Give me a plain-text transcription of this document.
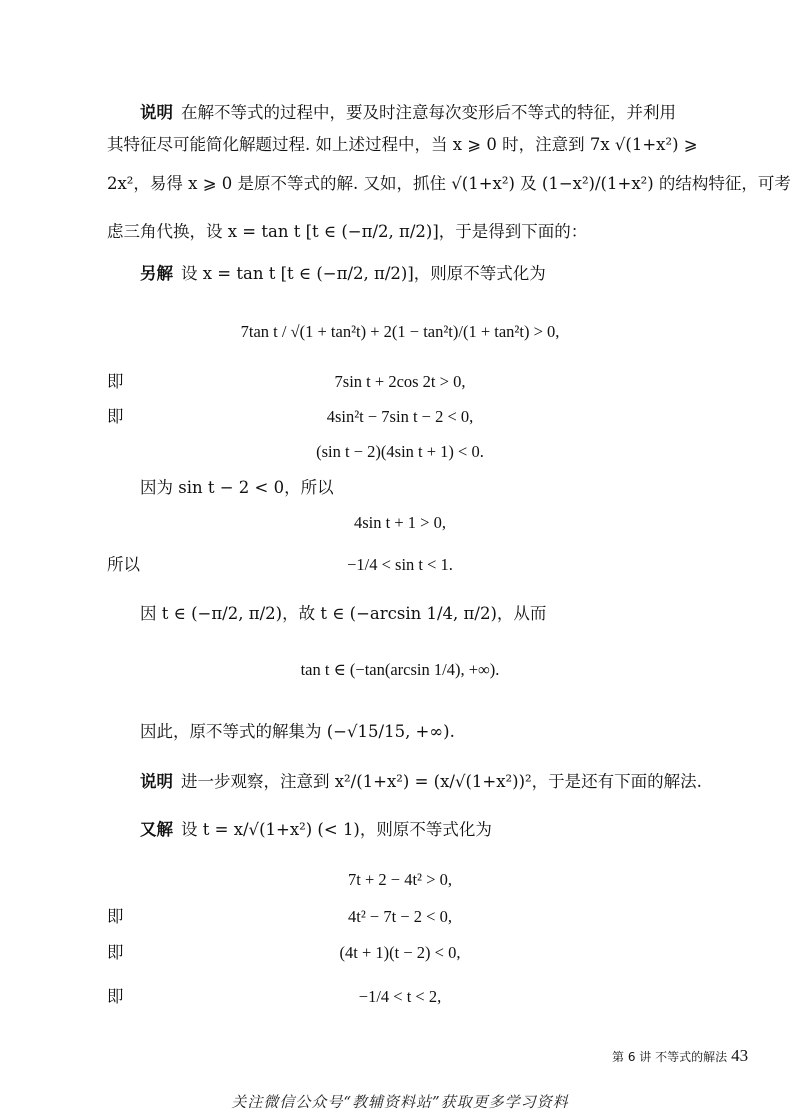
说明 在解不等式的过程中，要及时注意每次变形后不等式的特征，并利用
其特征尽可能简化解题过程. 如上述过程中，当 x ⩾ 0 时，注意到 7x √(1+x²) ⩾
2x²，易得 x ⩾ 0 是原不等式的解. 又如，抓住 √(1+x²) 及 (1−x²)/(1+x²) 的结构特征，可考
虑三角代换，设 x = tan t [t ∈ (−π/2, π/2)]，于是得到下面的：
另解 设 x = tan t [t ∈ (−π/2, π/2)]，则原不等式化为
7tan t / √(1 + tan²t) + 2(1 − tan²t)/(1 + tan²t) > 0,
即	7sin t + 2cos 2t > 0,
即	4sin²t − 7sin t − 2 < 0,
(sin t − 2)(4sin t + 1) < 0.
因为 sin t − 2 < 0，所以
4sin t + 1 > 0,
所以	−1/4 < sin t < 1.
因 t ∈ (−π/2, π/2)，故 t ∈ (−arcsin 1/4, π/2)，从而
tan t ∈ (−tan(arcsin 1/4), +∞).
因此，原不等式的解集为 (−√15/15, +∞).
说明 进一步观察，注意到 x²/(1+x²) = (x/√(1+x²))²，于是还有下面的解法.
又解 设 t = x/√(1+x²) (< 1)，则原不等式化为
7t + 2 − 4t² > 0,
即	4t² − 7t − 2 < 0,
即	(4t + 1)(t − 2) < 0,
即	−1/4 < t < 2,
第 6 讲 不等式的解法 43
关注微信公众号“教辅资料站”获取更多学习资料
